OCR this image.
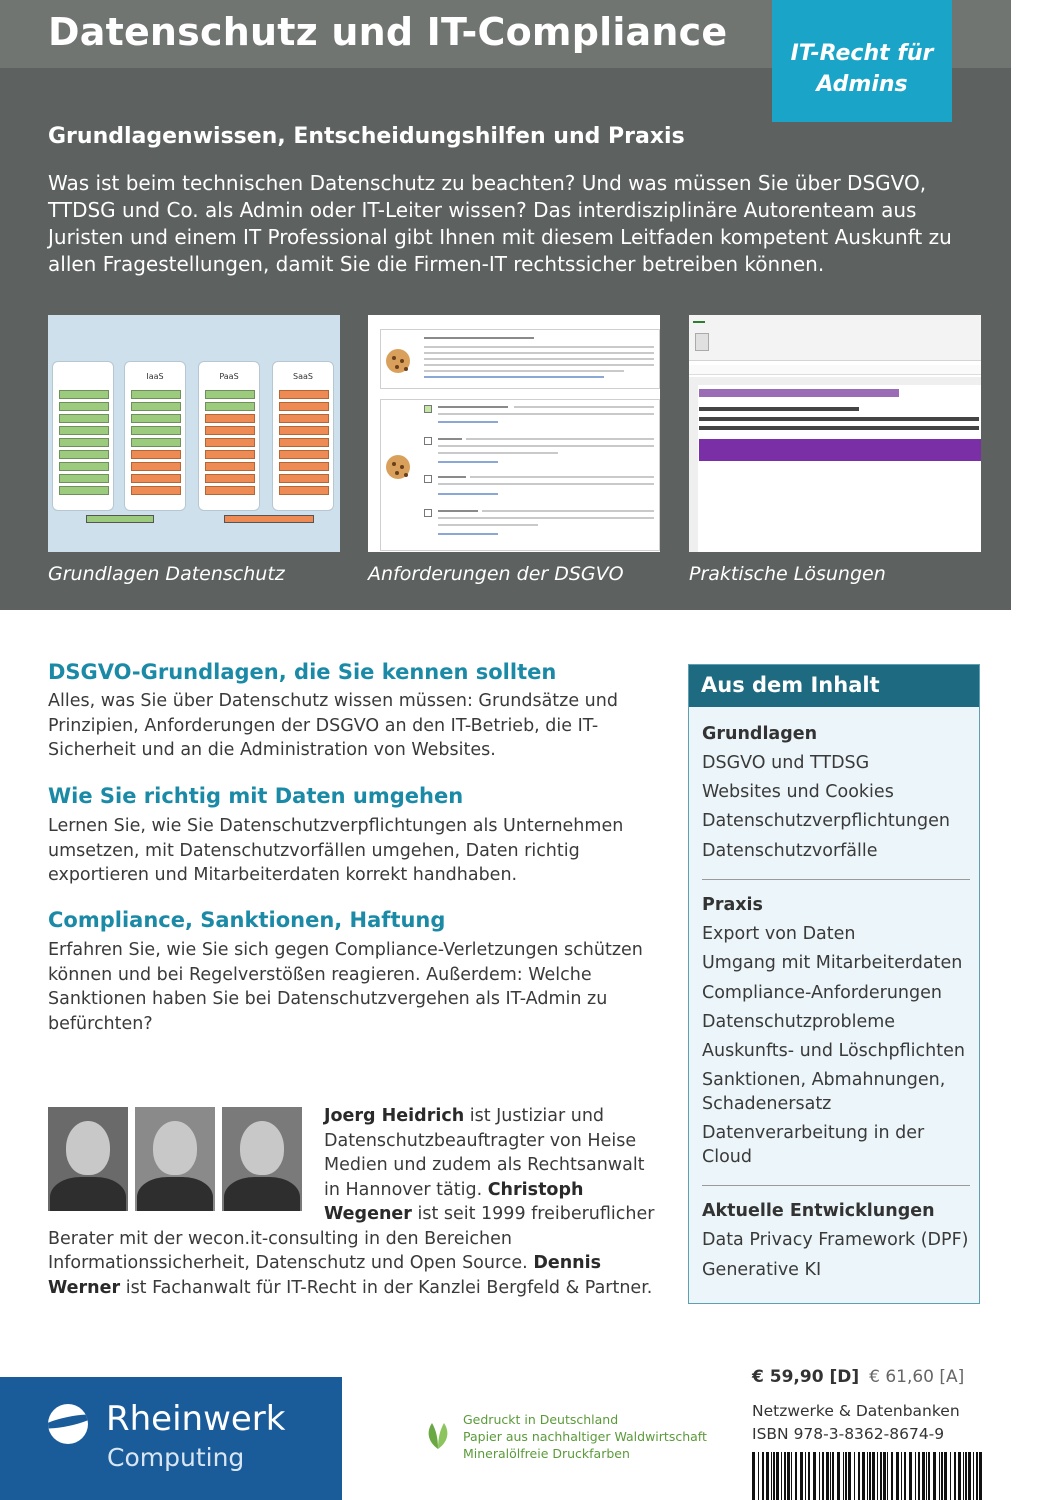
Datenschutz und IT-Compliance	IT-Recht für
Admins
Grundlagenwissen, Entscheidungshilfen und Praxis
Was ist beim technischen Datenschutz zu beachten? Und was müssen Sie über DSGVO, TTDSG und Co. als Admin oder IT-Leiter wissen? Das interdisziplinäre Autorenteam aus Juristen und einem IT Professional gibt Ihnen mit diesem Leitfaden kompetent Auskunft zu allen Fragestellungen, damit Sie die Firmen-IT rechtssicher betreiben können.
IaaS	PaaS	SaaS
Grundlagen Datenschutz	Anforderungen der DSGVO	Praktische Lösungen
DSGVO-Grundlagen, die Sie kennen sollten
Alles, was Sie über Datenschutz wissen müssen: Grundsätze und Prinzipien, Anforderungen der DSGVO an den IT-Betrieb, die IT-Sicherheit und an die Administration von Websites.
Wie Sie richtig mit Daten umgehen
Lernen Sie, wie Sie Datenschutzverpflichtungen als Unternehmen umsetzen, mit Datenschutzvorfällen umgehen, Daten richtig exportieren und Mitarbeiterdaten korrekt handhaben.
Compliance, Sanktionen, Haftung
Erfahren Sie, wie Sie sich gegen Compliance-Verletzungen schützen können und bei Regelverstößen reagieren. Außerdem: Welche Sanktionen haben Sie bei Datenschutzvergehen als IT-Admin zu befürchten?
Aus dem Inhalt
Grundlagen
DSGVO und TTDSG
Websites und Cookies
Datenschutzverpflichtungen
Datenschutzvorfälle
Praxis
Export von Daten
Umgang mit Mitarbeiterdaten
Compliance-Anforderungen
Datenschutzprobleme
Auskunfts- und Löschpflichten
Sanktionen, Abmahnungen, Schadenersatz
Datenverarbeitung in der Cloud
Aktuelle Entwicklungen
Data Privacy Framework (DPF)
Generative KI
Joerg Heidrich ist Justiziar und Datenschutzbeauftragter von Heise Medien und zudem als Rechtsanwalt in Hannover tätig. Christoph Wegener ist seit 1999 freiberuflicher Berater mit der wecon.it-consulting in den Bereichen Informationssicherheit, Datenschutz und Open Source. Dennis Werner ist Fachanwalt für IT-Recht in der Kanzlei Bergfeld & Partner.
Rheinwerk
Computing
Gedruckt in Deutschland
Papier aus nachhaltiger Waldwirtschaft
Mineralölfreie Druckfarben
€ 59,90 [D] € 61,60 [A]
Netzwerke & Datenbanken
ISBN 978-3-8362-8674-9
